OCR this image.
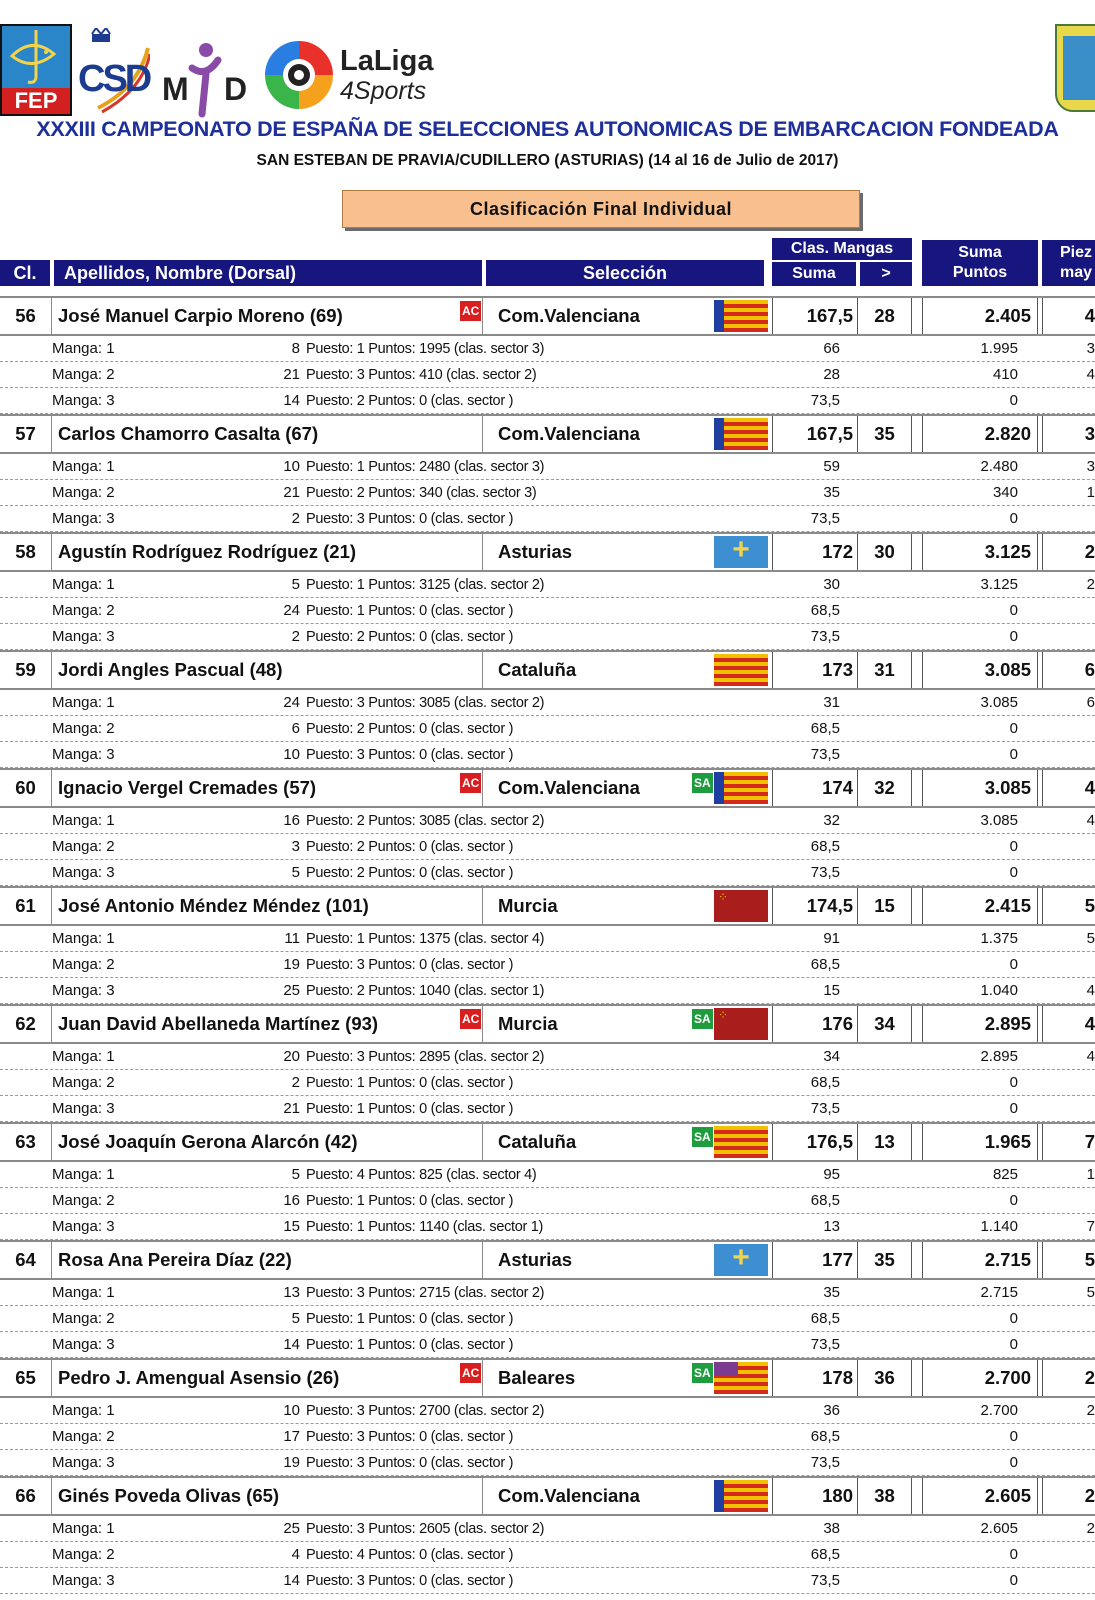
FEP
CSD M D
LaLiga
4Sports
XXXIII CAMPEONATO DE ESPAÑA DE SELECCIONES AUTONOMICAS DE EMBARCACION FONDEADA
SAN ESTEBAN DE PRAVIA/CUDILLERO (ASTURIAS) (14 al 16 de Julio de 2017)
Clasificación Final Individual
Cl.	Apellidos, Nombre (Dorsal)	Selección
Clas. Mangas
Suma	>
Suma
Puntos
Piez
may
56	José Manuel Carpio Moreno (69)	AC Com.Valenciana	167,5	28	2.405	4
Manga: 1	8 Puesto: 1 Puntos: 1995 (clas. sector 3)	66	1.995	3
Manga: 2	21 Puesto: 3 Puntos: 410 (clas. sector 2)	28	410	4
Manga: 3	14 Puesto: 2 Puntos: 0 (clas. sector )	73,5	0
57	Carlos Chamorro Casalta (67)	Com.Valenciana	167,5	35	2.820	3
Manga: 1	10 Puesto: 1 Puntos: 2480 (clas. sector 3)	59	2.480	3
Manga: 2	21 Puesto: 2 Puntos: 340 (clas. sector 3)	35	340	1
Manga: 3	2 Puesto: 3 Puntos: 0 (clas. sector )	73,5	0
58	Agustín Rodríguez Rodríguez (21)	Asturias +	172	30	3.125	2
Manga: 1	5 Puesto: 1 Puntos: 3125 (clas. sector 2)	30	3.125	2
Manga: 2	24 Puesto: 1 Puntos: 0 (clas. sector )	68,5	0
Manga: 3	2 Puesto: 2 Puntos: 0 (clas. sector )	73,5	0
59	Jordi Angles Pascual (48)	Cataluña	173	31	3.085	6
Manga: 1	24 Puesto: 3 Puntos: 3085 (clas. sector 2)	31	3.085	6
Manga: 2	6 Puesto: 2 Puntos: 0 (clas. sector )	68,5	0
Manga: 3	10 Puesto: 3 Puntos: 0 (clas. sector )	73,5	0
60	Ignacio Vergel Cremades (57)	AC Com.Valenciana	SA	174	32	3.085	4
Manga: 1	16 Puesto: 2 Puntos: 3085 (clas. sector 2)	32	3.085	4
Manga: 2	3 Puesto: 2 Puntos: 0 (clas. sector )	68,5	0
Manga: 3	5 Puesto: 2 Puntos: 0 (clas. sector )	73,5	0
61	José Antonio Méndez Méndez (101)	Murcia ⁘	174,5	15	2.415	5
Manga: 1	11 Puesto: 1 Puntos: 1375 (clas. sector 4)	91	1.375	5
Manga: 2	19 Puesto: 3 Puntos: 0 (clas. sector )	68,5	0
Manga: 3	25 Puesto: 2 Puntos: 1040 (clas. sector 1)	15	1.040	4
62	Juan David Abellaneda Martínez (93)	AC Murcia	SA ⁘	176	34	2.895	4
Manga: 1	20 Puesto: 3 Puntos: 2895 (clas. sector 2)	34	2.895	4
Manga: 2	2 Puesto: 1 Puntos: 0 (clas. sector )	68,5	0
Manga: 3	21 Puesto: 1 Puntos: 0 (clas. sector )	73,5	0
63	José Joaquín Gerona Alarcón (42)	Cataluña	SA	176,5	13	1.965	7
Manga: 1	5 Puesto: 4 Puntos: 825 (clas. sector 4)	95	825	1
Manga: 2	16 Puesto: 1 Puntos: 0 (clas. sector )	68,5	0
Manga: 3	15 Puesto: 1 Puntos: 1140 (clas. sector 1)	13	1.140	7
64	Rosa Ana Pereira Díaz (22)	Asturias +	177	35	2.715	5
Manga: 1	13 Puesto: 3 Puntos: 2715 (clas. sector 2)	35	2.715	5
Manga: 2	5 Puesto: 1 Puntos: 0 (clas. sector )	68,5	0
Manga: 3	14 Puesto: 1 Puntos: 0 (clas. sector )	73,5	0
65	Pedro J. Amengual Asensio (26)	AC Baleares	SA	178	36	2.700	2
Manga: 1	10 Puesto: 3 Puntos: 2700 (clas. sector 2)	36	2.700	2
Manga: 2	17 Puesto: 3 Puntos: 0 (clas. sector )	68,5	0
Manga: 3	19 Puesto: 3 Puntos: 0 (clas. sector )	73,5	0
66	Ginés Poveda Olivas (65)	Com.Valenciana	180	38	2.605	2
Manga: 1	25 Puesto: 3 Puntos: 2605 (clas. sector 2)	38	2.605	2
Manga: 2	4 Puesto: 4 Puntos: 0 (clas. sector )	68,5	0
Manga: 3	14 Puesto: 3 Puntos: 0 (clas. sector )	73,5	0
